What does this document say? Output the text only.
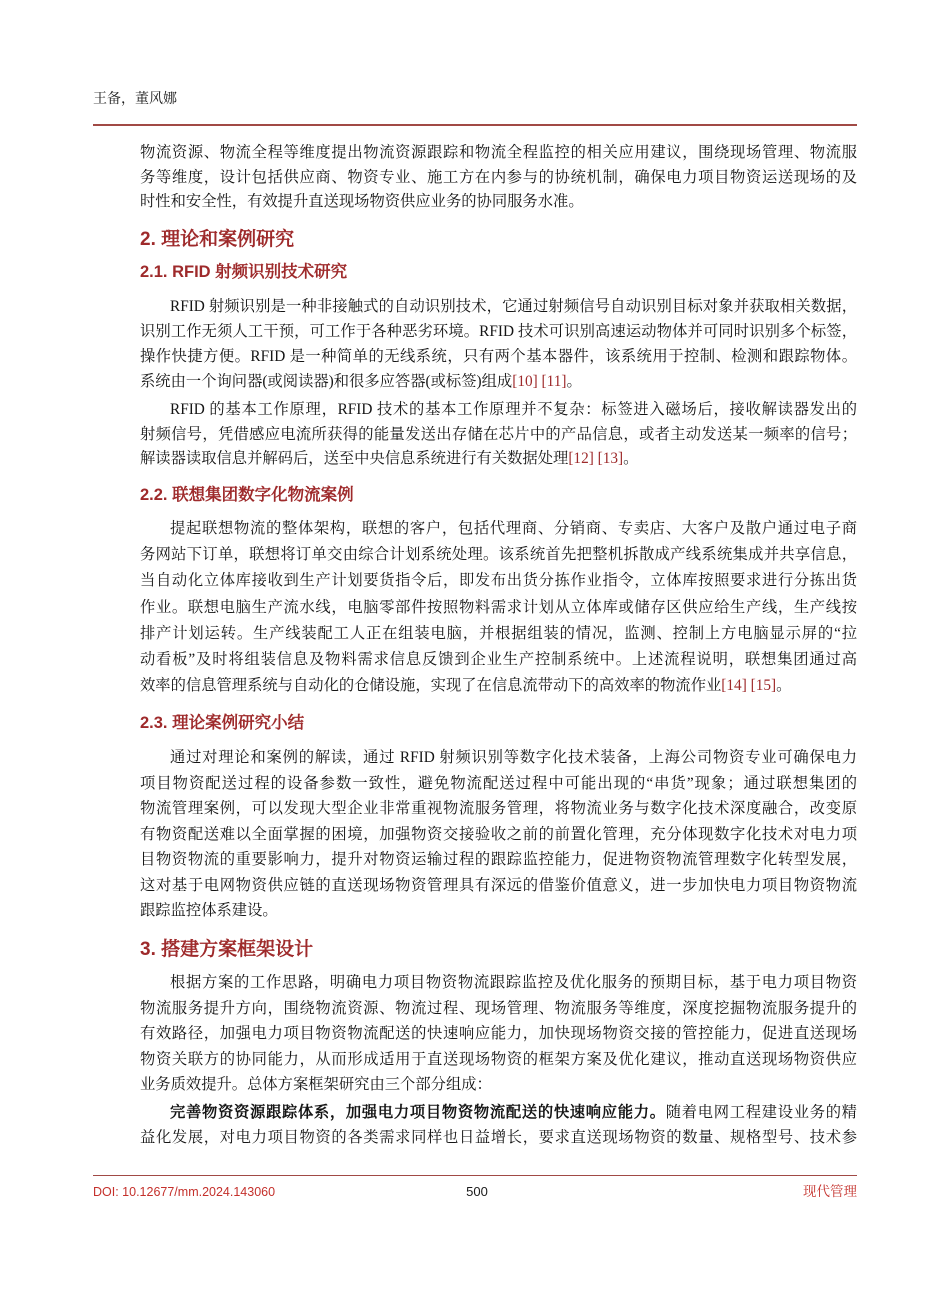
王备，董风娜
物流资源、物流全程等维度提出物流资源跟踪和物流全程监控的相关应用建议，围绕现场管理、物流服
务等维度，设计包括供应商、物资专业、施工方在内参与的协统机制，确保电力项目物资运送现场的及
时性和安全性，有效提升直送现场物资供应业务的协同服务水准。
2. 理论和案例研究
2.1. RFID 射频识别技术研究
RFID 射频识别是一种非接触式的自动识别技术，它通过射频信号自动识别目标对象并获取相关数据，
识别工作无须人工干预，可工作于各种恶劣环境。RFID 技术可识别高速运动物体并可同时识别多个标签，
操作快捷方便。RFID 是一种简单的无线系统，只有两个基本器件，该系统用于控制、检测和跟踪物体。
系统由一个询问器(或阅读器)和很多应答器(或标签)组成[10] [11]。
RFID 的基本工作原理，RFID 技术的基本工作原理并不复杂：标签进入磁场后，接收解读器发出的
射频信号，凭借感应电流所获得的能量发送出存储在芯片中的产品信息，或者主动发送某一频率的信号；
解读器读取信息并解码后，送至中央信息系统进行有关数据处理[12] [13]。
2.2. 联想集团数字化物流案例
提起联想物流的整体架构，联想的客户，包括代理商、分销商、专卖店、大客户及散户通过电子商
务网站下订单，联想将订单交由综合计划系统处理。该系统首先把整机拆散成产线系统集成并共享信息，
当自动化立体库接收到生产计划要货指令后，即发布出货分拣作业指令，立体库按照要求进行分拣出货
作业。联想电脑生产流水线，电脑零部件按照物料需求计划从立体库或储存区供应给生产线，生产线按
排产计划运转。生产线装配工人正在组装电脑，并根据组装的情况，监测、控制上方电脑显示屏的“拉
动看板”及时将组装信息及物料需求信息反馈到企业生产控制系统中。上述流程说明，联想集团通过高
效率的信息管理系统与自动化的仓储设施，实现了在信息流带动下的高效率的物流作业[14] [15]。
2.3. 理论案例研究小结
通过对理论和案例的解读，通过 RFID 射频识别等数字化技术装备，上海公司物资专业可确保电力
项目物资配送过程的设备参数一致性，避免物流配送过程中可能出现的“串货”现象；通过联想集团的
物流管理案例，可以发现大型企业非常重视物流服务管理，将物流业务与数字化技术深度融合，改变原
有物资配送难以全面掌握的困境，加强物资交接验收之前的前置化管理，充分体现数字化技术对电力项
目物资物流的重要影响力，提升对物资运输过程的跟踪监控能力，促进物资物流管理数字化转型发展，
这对基于电网物资供应链的直送现场物资管理具有深远的借鉴价值意义，进一步加快电力项目物资物流
跟踪监控体系建设。
3. 搭建方案框架设计
根据方案的工作思路，明确电力项目物资物流跟踪监控及优化服务的预期目标，基于电力项目物资
物流服务提升方向，围绕物流资源、物流过程、现场管理、物流服务等维度，深度挖掘物流服务提升的
有效路径，加强电力项目物资物流配送的快速响应能力，加快现场物资交接的管控能力，促进直送现场
物资关联方的协同能力，从而形成适用于直送现场物资的框架方案及优化建议，推动直送现场物资供应
业务质效提升。总体方案框架研究由三个部分组成：
完善物资资源跟踪体系，加强电力项目物资物流配送的快速响应能力。随着电网工程建设业务的精
益化发展，对电力项目物资的各类需求同样也日益增长，要求直送现场物资的数量、规格型号、技术参
DOI: 10.12677/mm.2024.143060	500	现代管理
